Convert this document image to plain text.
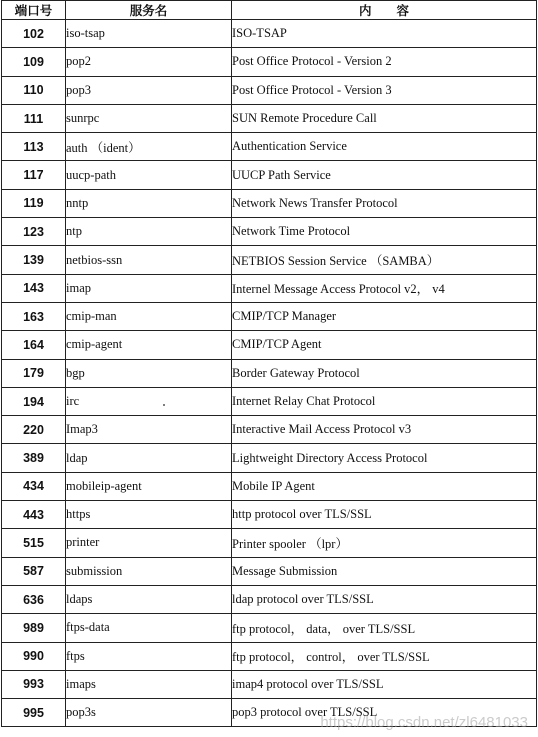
端口号	服务名	内　　容
102	iso-tsap	ISO-TSAP
109	pop2	Post Office Protocol - Version 2
110	pop3	Post Office Protocol - Version 3
111	sunrpc	SUN Remote Procedure Call
113	auth （ident）	Authentication Service
117	uucp-path	UUCP Path Service
119	nntp	Network News Transfer Protocol
123	ntp	Network Time Protocol
139	netbios-ssn	NETBIOS Session Service （SAMBA）
143	imap	Internel Message Access Protocol v2， v4
163	cmip-man	CMIP/TCP Manager
164	cmip-agent	CMIP/TCP Agent
179	bgp	Border Gateway Protocol
194	irc	Internet Relay Chat Protocol
220	Imap3	Interactive Mail Access Protocol v3
389	ldap	Lightweight Directory Access Protocol
434	mobileip-agent	Mobile IP Agent
443	https	http protocol over TLS/SSL
515	printer	Printer spooler （lpr）
587	submission	Message Submission
636	ldaps	ldap protocol over TLS/SSL
989	ftps-data	ftp protocol， data， over TLS/SSL
990	ftps	ftp protocol， control， over TLS/SSL
993	imaps	imap4 protocol over TLS/SSL
995	pop3s	pop3 protocol over TLS/SSL
https://blog.csdn.net/zl6481033
